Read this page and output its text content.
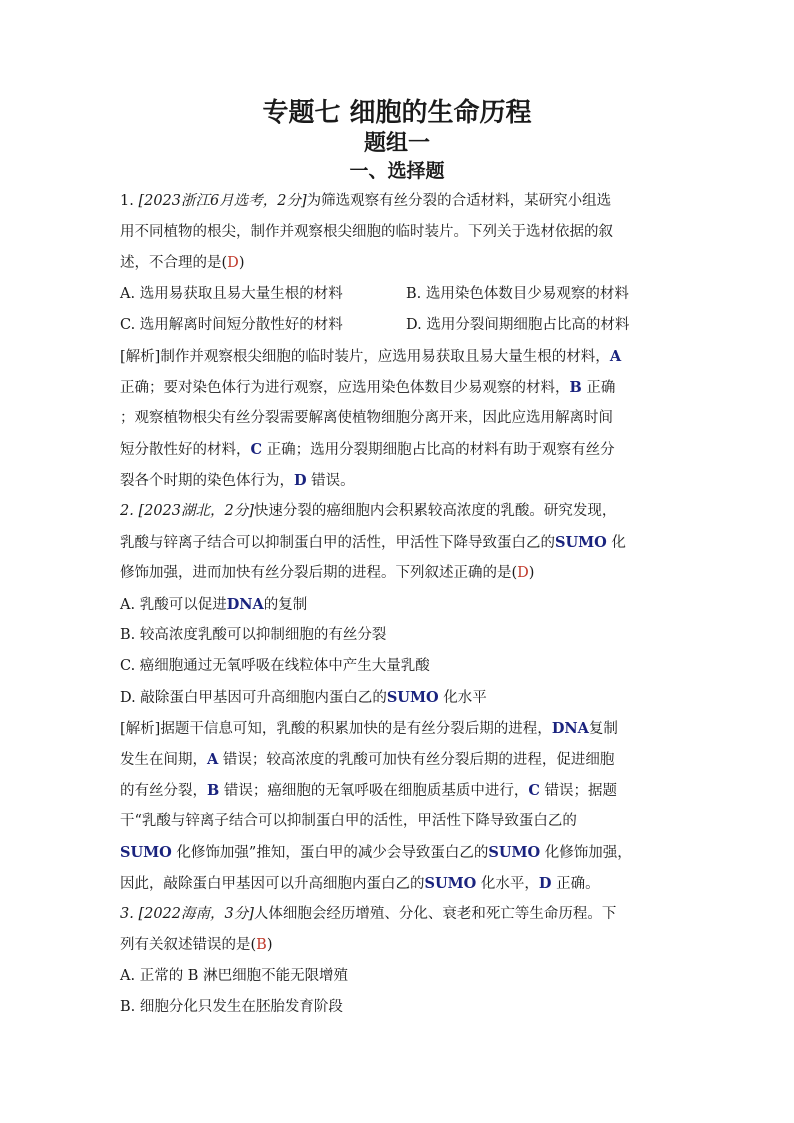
专题七 细胞的生命历程
题组一
一、选择题
1. [2023浙江6月选考，2分]为筛选观察有丝分裂的合适材料，某研究小组选
用不同植物的根尖，制作并观察根尖细胞的临时装片。下列关于选材依据的叙
述，不合理的是(D)
A. 选用易获取且易大量生根的材料	B. 选用染色体数目少易观察的材料
C. 选用解离时间短分散性好的材料	D. 选用分裂间期细胞占比高的材料
[解析]制作并观察根尖细胞的临时装片，应选用易获取且易大量生根的材料，A
正确；要对染色体行为进行观察，应选用染色体数目少易观察的材料，B 正确
；观察植物根尖有丝分裂需要解离使植物细胞分离开来，因此应选用解离时间
短分散性好的材料，C 正确；选用分裂期细胞占比高的材料有助于观察有丝分
裂各个时期的染色体行为，D 错误。
2. [2023湖北，2分]快速分裂的癌细胞内会积累较高浓度的乳酸。研究发现，
乳酸与锌离子结合可以抑制蛋白甲的活性，甲活性下降导致蛋白乙的SUMO 化
修饰加强，进而加快有丝分裂后期的进程。下列叙述正确的是(D)
A. 乳酸可以促进DNA的复制
B. 较高浓度乳酸可以抑制细胞的有丝分裂
C. 癌细胞通过无氧呼吸在线粒体中产生大量乳酸
D. 敲除蛋白甲基因可升高细胞内蛋白乙的SUMO 化水平
[解析]据题干信息可知，乳酸的积累加快的是有丝分裂后期的进程，DNA复制
发生在间期，A 错误；较高浓度的乳酸可加快有丝分裂后期的进程，促进细胞
的有丝分裂，B 错误；癌细胞的无氧呼吸在细胞质基质中进行，C 错误；据题
干“乳酸与锌离子结合可以抑制蛋白甲的活性，甲活性下降导致蛋白乙的
SUMO 化修饰加强”推知，蛋白甲的减少会导致蛋白乙的SUMO 化修饰加强，
因此，敲除蛋白甲基因可以升高细胞内蛋白乙的SUMO 化水平，D 正确。
3. [2022海南，3分]人体细胞会经历增殖、分化、衰老和死亡等生命历程。下
列有关叙述错误的是(B)
A. 正常的 B 淋巴细胞不能无限增殖
B. 细胞分化只发生在胚胎发育阶段
